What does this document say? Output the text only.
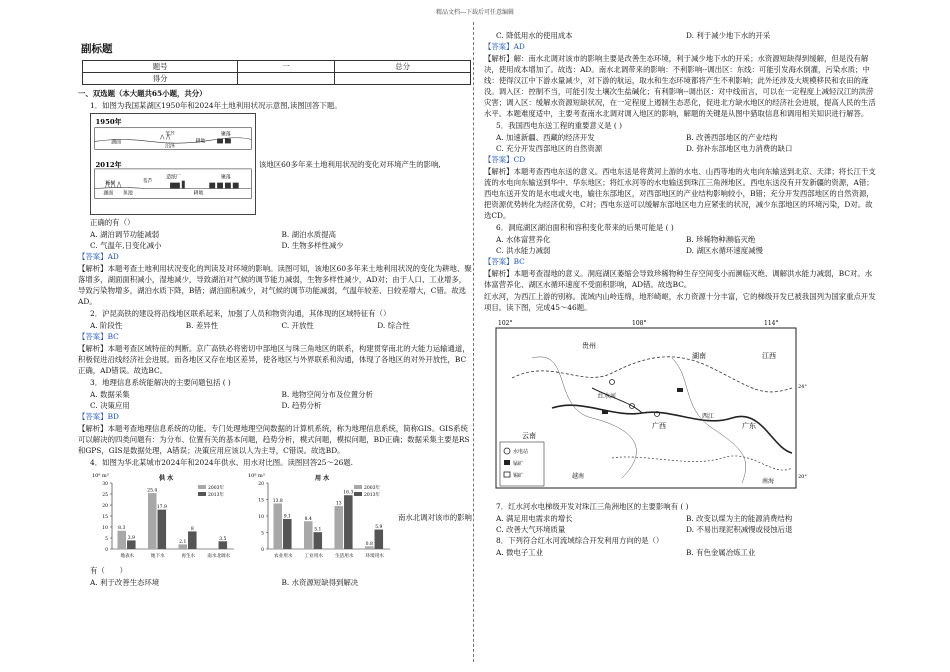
精品文档---下载后可任意编辑
副标题
题号	一	总分
得分		

一、双选题（本大题共65小题，共分）

1．如图为我国某湖区1950年和2024年土地利用状况示意图,读图回答下题。

1950年
湖面
苇芦
沼泽
耕地
聚落
2012年
杨树
湖面 鱼池
苇芦
造纸厂
耕地
聚落
该地区60多年来土地利用状况的变化对环境产生的影响,

正确的有（）

A. 湖泊调节功能减弱	B. 湖泊水质提高
C. 气温年,日变化减小	D. 生物多样性减少

【答案】AD

【解析】本题考查土地利用状况变化的判读及对环境的影响。读图可知，该地区60多年来土地利用状况的变化为耕地、聚落增多，湖面面积减小，湿地减少，导致湖泊对气候的调节能力减弱，生物多样性减少，AD对；由于人口、工业增多，导致污染物增多，湖泊水质下降，B错；湖泊面积减少，对气候的调节功能减弱，气温年较差、日较差增大，C错。故选AD。

2．沪昆高铁的建设将沿线地区联系起来，加强了人员和物资沟通，其体现的区域特征有（）

A. 阶段性	B. 差异性	C. 开放性	D. 综合性

【答案】BC

【解析】本题考查区域特征的判断。京广高铁必将密切中部地区与珠三角地区的联系，构建贯穿南北的大能力运输通道，积极促进沿线经济社会进展。而各地区又存在地区差异，使各地区与外界联系和沟通，体现了各地区的对外开放性，BC正确，AD错误。故选BC。

3．地理信息系统能解决的主要问题包括 ( )

A. 数据采集	B. 地物空间分布及位置分析
C. 决策应用	D. 趋势分析

【答案】BD

【解析】本题考查地理信息系统的功能。专门处理地理空间数据的计算机系统，称为地理信息系统，简称GIS。GIS系统可以解决的四类问题有：为分布、位置有关的基本问题，趋势分析，模式问题，模拟问题，BD正确；数据采集主要是RS和GPS，GIS是数据处理，A错误；决策应用应该以人为主导，C错误。故选BD。

4．如图为华北某城市2024年和2024年供水、用水对比图。读图回答25～26题.

10⁸ m³	供 水
0
5
10
15
20
25
30
8.3
3.9
地表水
25.4
17.9
地下水
2.1
8
再生水
3.5
南水北调水
2003年
2013年
10⁸ m³	用 水
0
5
10
15
20
13.8
9.1
农业用水
8.4
5.1
工业用水
13
16.3
生活用水
0.8
5.9
环境用水
2003年
2013年
南水北调对该市的影响

有（　　）

A. 利于改善生态环境	B. 水资源短缺得到解决
C. 降低用水的使用成本	D. 利于减少地下水的开采

【答案】AD

【解析】解：南水北调对该市的影响主要是改善生态环境，利于减少地下水的开采；水资源短缺得到缓解，但是没有解决，使用成本增加了。故选：AD。南水北调带来的影响：不利影响--调出区：东线：可能引发海水倒灌，污染水质；中线：使得汉江中下游水量减少，对下游的航运，取水和生态环境都将产生不利影响；此外还涉及大规模移民和农田的淹没。调入区：控制不当，可能引发土壤次生盐碱化；有利影响--调出区：对中线而言，可以在一定程度上减轻汉江的洪涝灾害；调入区：缓解水资源短缺状况，在一定程度上遏制生态恶化，促进北方缺水地区的经济社会进展，提高人民的生活水平。本题难度适中，主要考查南水北调对调入地区的影响，解题的关键是从图中猎取信息和调用相关知识进行解答。

5．我国西电东送工程的重要意义是 ( )

A. 加速新疆、西藏的经济开发	B. 改善西部地区的产业结构
C. 充分开发西部地区的自然资源	D. 弥补东部地区电力消费的缺口

【答案】CD

【解析】本题考查西电东送的意义。西电东送是将黄河上游的水电、山西等地的火电向东输送到北京、天津；将长江干支流的水电向东输送到华中、华东地区；将红水河等的水电输送到珠江三角洲地区。西电东送没有开发新疆的资源，A错；西电东送开发的是水电或火电，输往东部地区，对西部地区的产业结构影响较小，B错；充分开发西部地区的自然资源，把资源优势转化为经济优势，C对；西电东送可以缓解东部地区电力应紧张的状况，减少东部地区的环境污染，D对。故选CD。

6．洞庭湖区湖泊面积和容积变化带来的后果可能是 ( )

A. 水体富营养化	B. 珍稀物种濒临灭绝
C. 洪水能力减弱	D. 湖区水循环速度减慢

【答案】BC

【解析】本题考查湿地的意义。洞庭湖区萎缩会导致珍稀物种生存空间变小而濒临灭绝、调解洪水能力减弱，BC对。水体富营养化、湖区水循环速度不受面积影响，AD错。故选BC。

红水河，为西江上游的别称。流域内山岭连绵，地形崎岖，水力资源十分丰富，它的梯级开发已被我国列为国家重点开发项目。读下图，完成45～46题。

102°	108°	114°
贵州
湖南
广西
江西
云南
广东
越南
红水河
西江
南海
24°
20°
水电站
锰矿
锡矿

7．红水河水电梯级开发对珠江三角洲地区的主要影响有 ( )

A. 满足用电需求的增长	B. 改变以煤为主的能源消费结构
C. 改善大气环境质量	D. 不易出现泥积减慢或侵蚀后退

8．下列符合红水河流域综合开发利用方向的是（）

A. 微电子工业	B. 有色金属冶炼工业
